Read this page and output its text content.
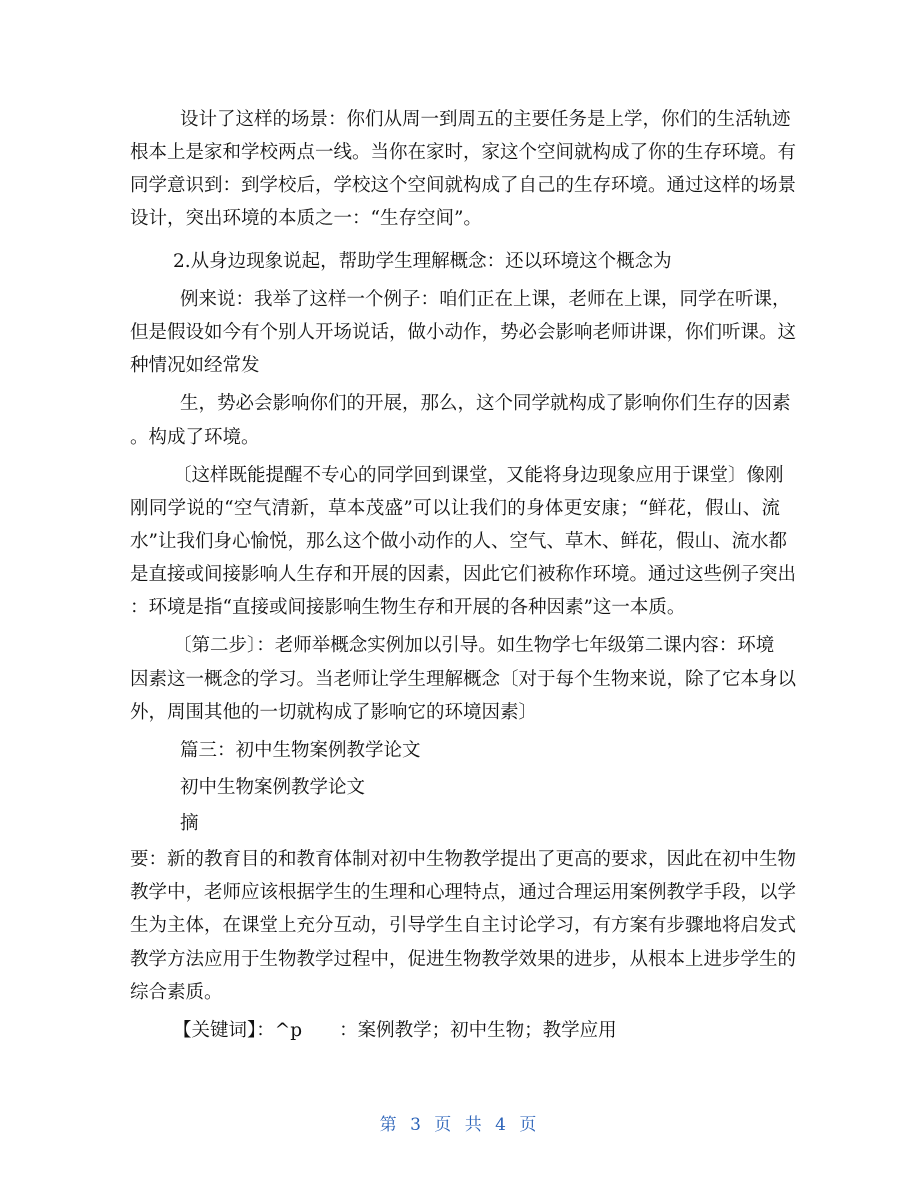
设计了这样的场景：你们从周一到周五的主要任务是上学，你们的生活轨迹

根本上是家和学校两点一线。当你在家时，家这个空间就构成了你的生存环境。有

同学意识到：到学校后，学校这个空间就构成了自己的生存环境。通过这样的场景

设计，突出环境的本质之一：“生存空间”。

2.从身边现象说起，帮助学生理解概念：还以环境这个概念为

例来说：我举了这样一个例子：咱们正在上课，老师在上课，同学在听课，

但是假设如今有个别人开场说话，做小动作，势必会影响老师讲课，你们听课。这

种情况如经常发

生，势必会影响你们的开展，那么，这个同学就构成了影响你们生存的因素

。构成了环境。

〔这样既能提醒不专心的同学回到课堂，又能将身边现象应用于课堂〕像刚

刚同学说的“空气清新，草本茂盛”可以让我们的身体更安康；“鲜花，假山、流

水”让我们身心愉悦，那么这个做小动作的人、空气、草木、鲜花，假山、流水都

是直接或间接影响人生存和开展的因素，因此它们被称作环境。通过这些例子突出

：环境是指“直接或间接影响生物生存和开展的各种因素”这一本质。

〔第二步〕：老师举概念实例加以引导。如生物学七年级第二课内容：环境

因素这一概念的学习。当老师让学生理解概念〔对于每个生物来说，除了它本身以

外，周围其他的一切就构成了影响它的环境因素〕

篇三：初中生物案例教学论文

初中生物案例教学论文

摘

要：新的教育目的和教育体制对初中生物教学提出了更高的要求，因此在初中生物

教学中，老师应该根据学生的生理和心理特点，通过合理运用案例教学手段，以学

生为主体，在课堂上充分互动，引导学生自主讨论学习，有方案有步骤地将启发式

教学方法应用于生物教学过程中，促进生物教学效果的进步，从根本上进步学生的

综合素质。

【关键词】：^p　　：案例教学；初中生物；教学应用

第 3 页 共 4 页
